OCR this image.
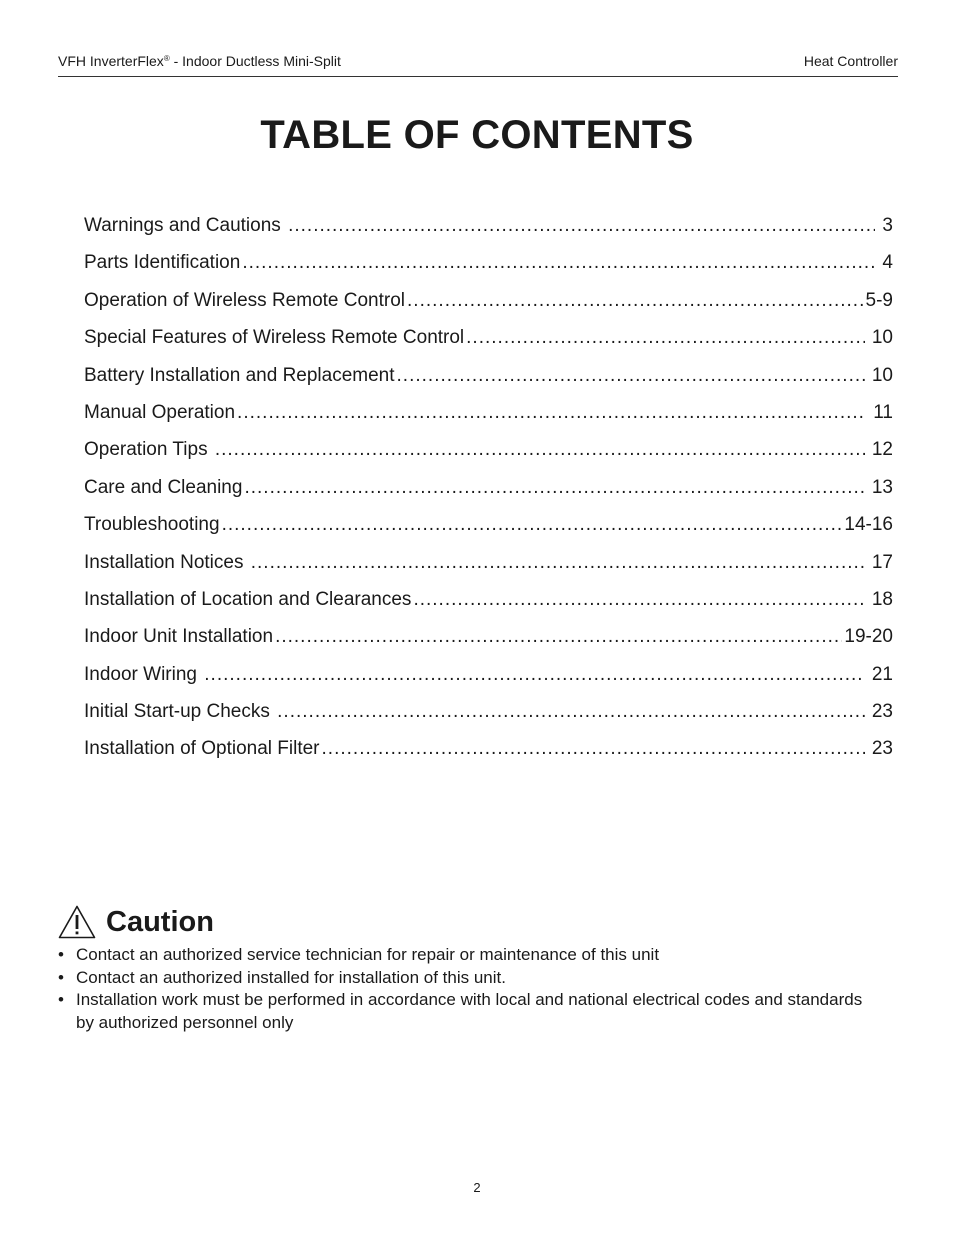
VFH InverterFlex® - Indoor Ductless Mini-Split	Heat Controller
TABLE OF CONTENTS
Warnings and Cautions .....	3
Parts Identification .....	4
Operation of Wireless Remote Control .....	5-9
Special Features of Wireless Remote Control .....	10
Battery Installation and Replacement .....	10
Manual Operation .....	11
Operation Tips .....	12
Care and Cleaning .....	13
Troubleshooting .....	14-16
Installation Notices .....	17
Installation of Location and Clearances .....	18
Indoor Unit Installation .....	19-20
Indoor Wiring .....	21
Initial Start-up Checks .....	23
Installation of Optional Filter .....	23
Caution
• Contact an authorized service technician for repair or maintenance of this unit
• Contact an authorized installed for installation of this unit.
• Installation work must be performed in accordance with local and national electrical codes and standards by authorized personnel only
2
